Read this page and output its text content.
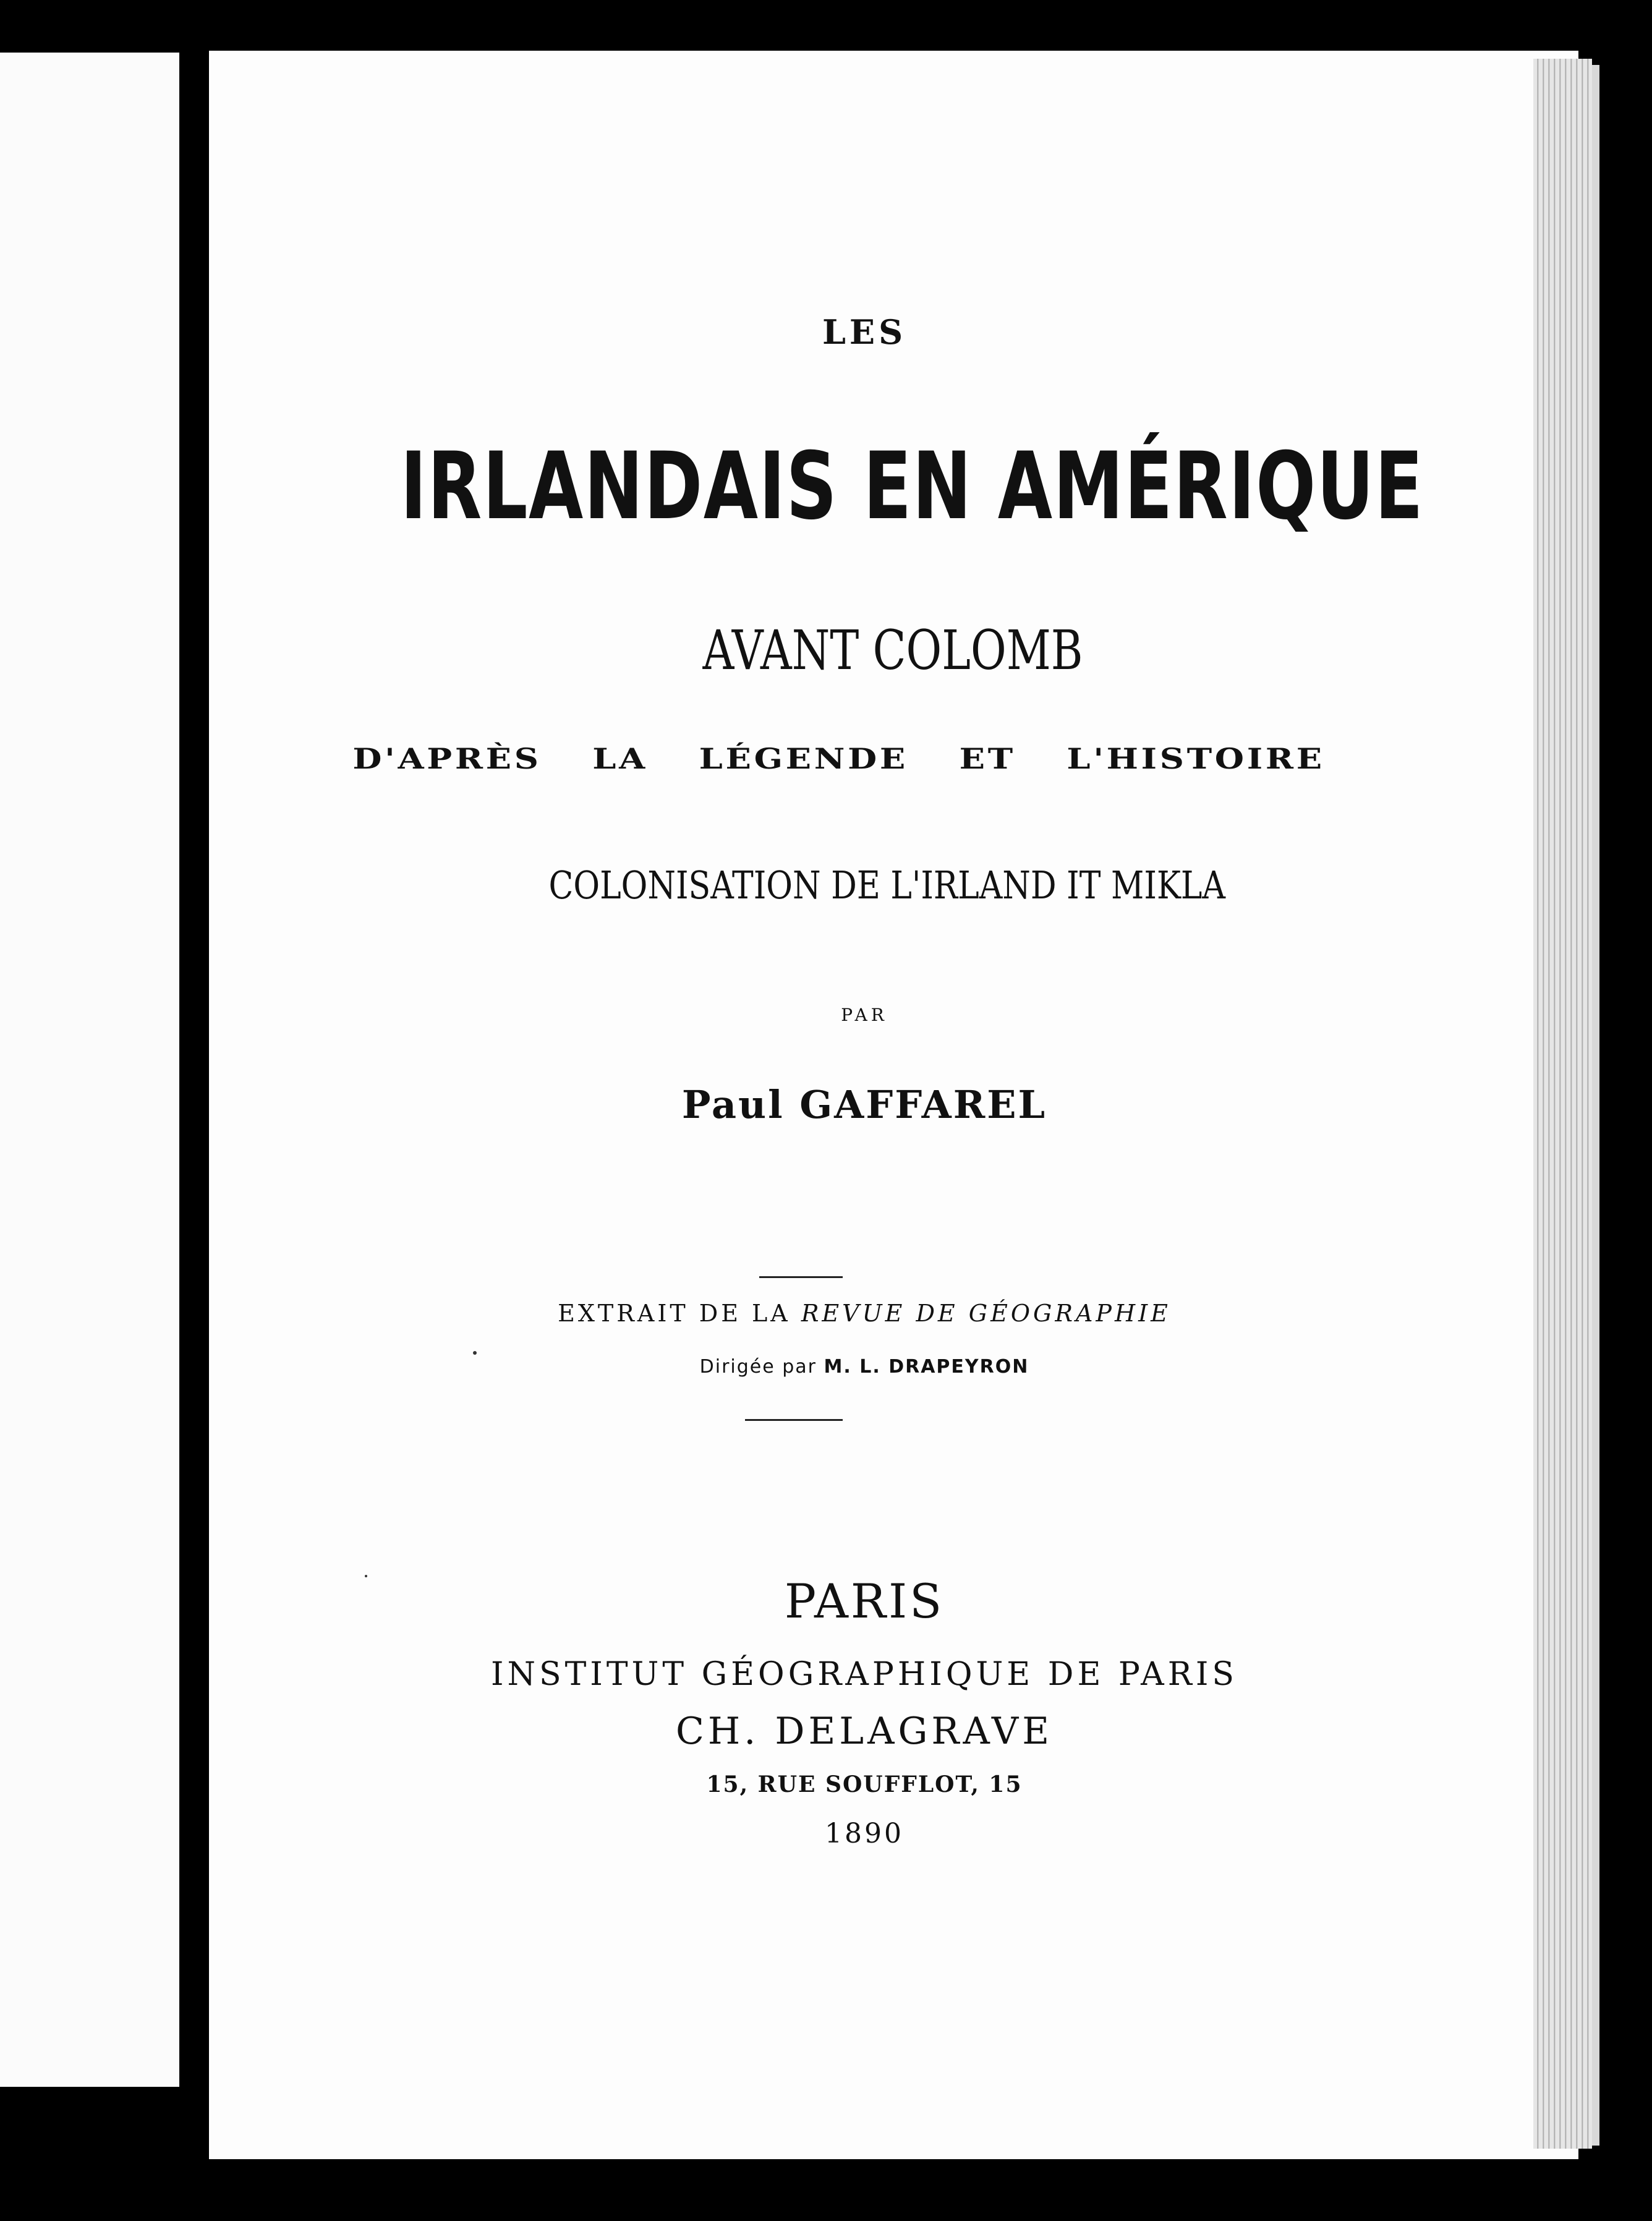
LES
IRLANDAIS EN AMÉRIQUE
AVANT COLOMB
D'APRÈS LA LÉGENDE ET L'HISTOIRE
COLONISATION DE L'IRLAND IT MIKLA
PAR
Paul GAFFAREL
EXTRAIT DE LA REVUE DE GÉOGRAPHIE
Dirigée par M. L. DRAPEYRON
PARIS
INSTITUT GÉOGRAPHIQUE DE PARIS
CH. DELAGRAVE
15, RUE SOUFFLOT, 15
1890
